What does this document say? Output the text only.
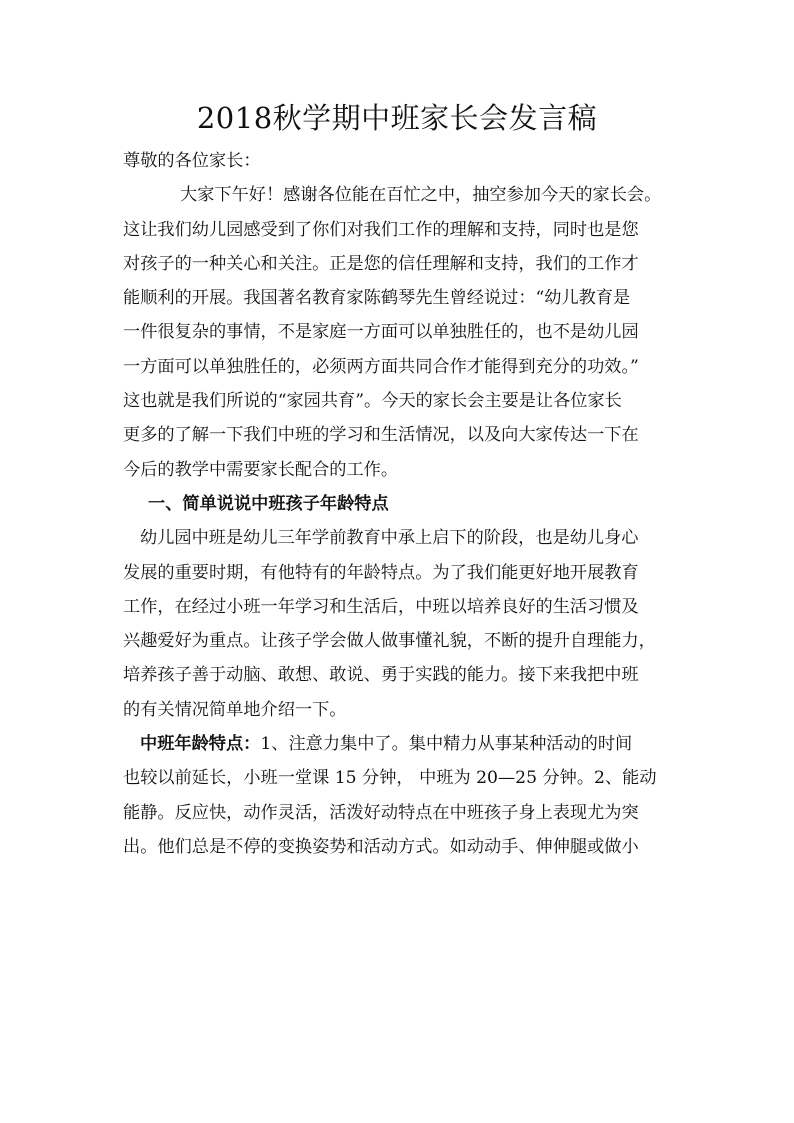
2018秋学期中班家长会发言稿
尊敬的各位家长：
大家下午好！感谢各位能在百忙之中，抽空参加今天的家长会。
这让我们幼儿园感受到了你们对我们工作的理解和支持，同时也是您
对孩子的一种关心和关注。正是您的信任理解和支持，我们的工作才
能顺利的开展。我国著名教育家陈鹤琴先生曾经说过：“幼儿教育是
一件很复杂的事情，不是家庭一方面可以单独胜任的，也不是幼儿园
一方面可以单独胜任的，必须两方面共同合作才能得到充分的功效。”
这也就是我们所说的“家园共育”。今天的家长会主要是让各位家长
更多的了解一下我们中班的学习和生活情况，以及向大家传达一下在
今后的教学中需要家长配合的工作。
一、简单说说中班孩子年龄特点
幼儿园中班是幼儿三年学前教育中承上启下的阶段，也是幼儿身心
发展的重要时期，有他特有的年龄特点。为了我们能更好地开展教育
工作，在经过小班一年学习和生活后，中班以培养良好的生活习惯及
兴趣爱好为重点。让孩子学会做人做事懂礼貌，不断的提升自理能力，
培养孩子善于动脑、敢想、敢说、勇于实践的能力。接下来我把中班
的有关情况简单地介绍一下。
中班年龄特点：1、注意力集中了。集中精力从事某种活动的时间
也较以前延长，小班一堂课 15 分钟， 中班为 20—25 分钟。2、能动
能静。反应快，动作灵活，活泼好动特点在中班孩子身上表现尤为突
出。他们总是不停的变换姿势和活动方式。如动动手、伸伸腿或做小
